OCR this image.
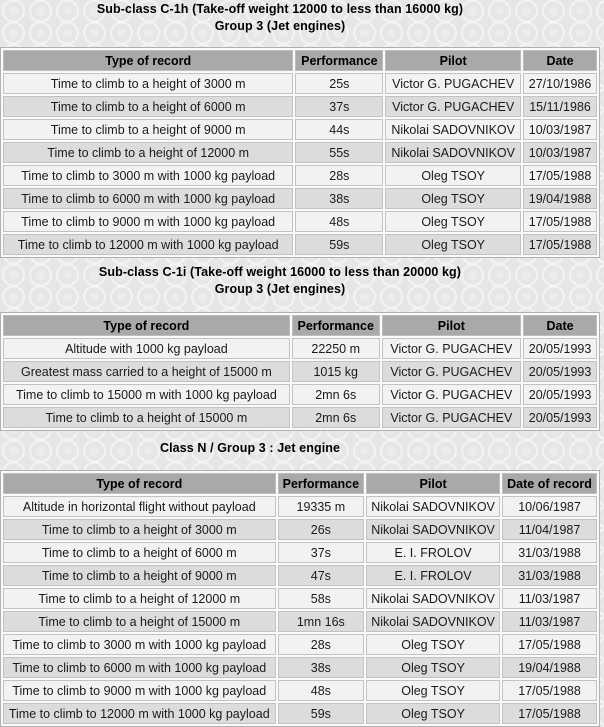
Sub-class C-1h (Take-off weight 12000 to less than 16000 kg)
Group 3 (Jet engines)
Type of record	Performance	Pilot	Date
Time to climb to a height of 3000 m	25s	Victor G. PUGACHEV	27/10/1986
Time to climb to a height of 6000 m	37s	Victor G. PUGACHEV	15/11/1986
Time to climb to a height of 9000 m	44s	Nikolai SADOVNIKOV	10/03/1987
Time to climb to a height of 12000 m	55s	Nikolai SADOVNIKOV	10/03/1987
Time to climb to 3000 m with 1000 kg payload	28s	Oleg TSOY	17/05/1988
Time to climb to 6000 m with 1000 kg payload	38s	Oleg TSOY	19/04/1988
Time to climb to 9000 m with 1000 kg payload	48s	Oleg TSOY	17/05/1988
Time to climb to 12000 m with 1000 kg payload	59s	Oleg TSOY	17/05/1988
Sub-class C-1i (Take-off weight 16000 to less than 20000 kg)
Group 3 (Jet engines)
Type of record	Performance	Pilot	Date
Altitude with 1000 kg payload	22250 m	Victor G. PUGACHEV	20/05/1993
Greatest mass carried to a height of 15000 m	1015 kg	Victor G. PUGACHEV	20/05/1993
Time to climb to 15000 m with 1000 kg payload	2mn 6s	Victor G. PUGACHEV	20/05/1993
Time to climb to a height of 15000 m	2mn 6s	Victor G. PUGACHEV	20/05/1993
Class N / Group 3 : Jet engine
Type of record	Performance	Pilot	Date of record
Altitude in horizontal flight without payload	19335 m	Nikolai SADOVNIKOV	10/06/1987
Time to climb to a height of 3000 m	26s	Nikolai SADOVNIKOV	11/04/1987
Time to climb to a height of 6000 m	37s	E. I. FROLOV	31/03/1988
Time to climb to a height of 9000 m	47s	E. I. FROLOV	31/03/1988
Time to climb to a height of 12000 m	58s	Nikolai SADOVNIKOV	11/03/1987
Time to climb to a height of 15000 m	1mn 16s	Nikolai SADOVNIKOV	11/03/1987
Time to climb to 3000 m with 1000 kg payload	28s	Oleg TSOY	17/05/1988
Time to climb to 6000 m with 1000 kg payload	38s	Oleg TSOY	19/04/1988
Time to climb to 9000 m with 1000 kg payload	48s	Oleg TSOY	17/05/1988
Time to climb to 12000 m with 1000 kg payload	59s	Oleg TSOY	17/05/1988
